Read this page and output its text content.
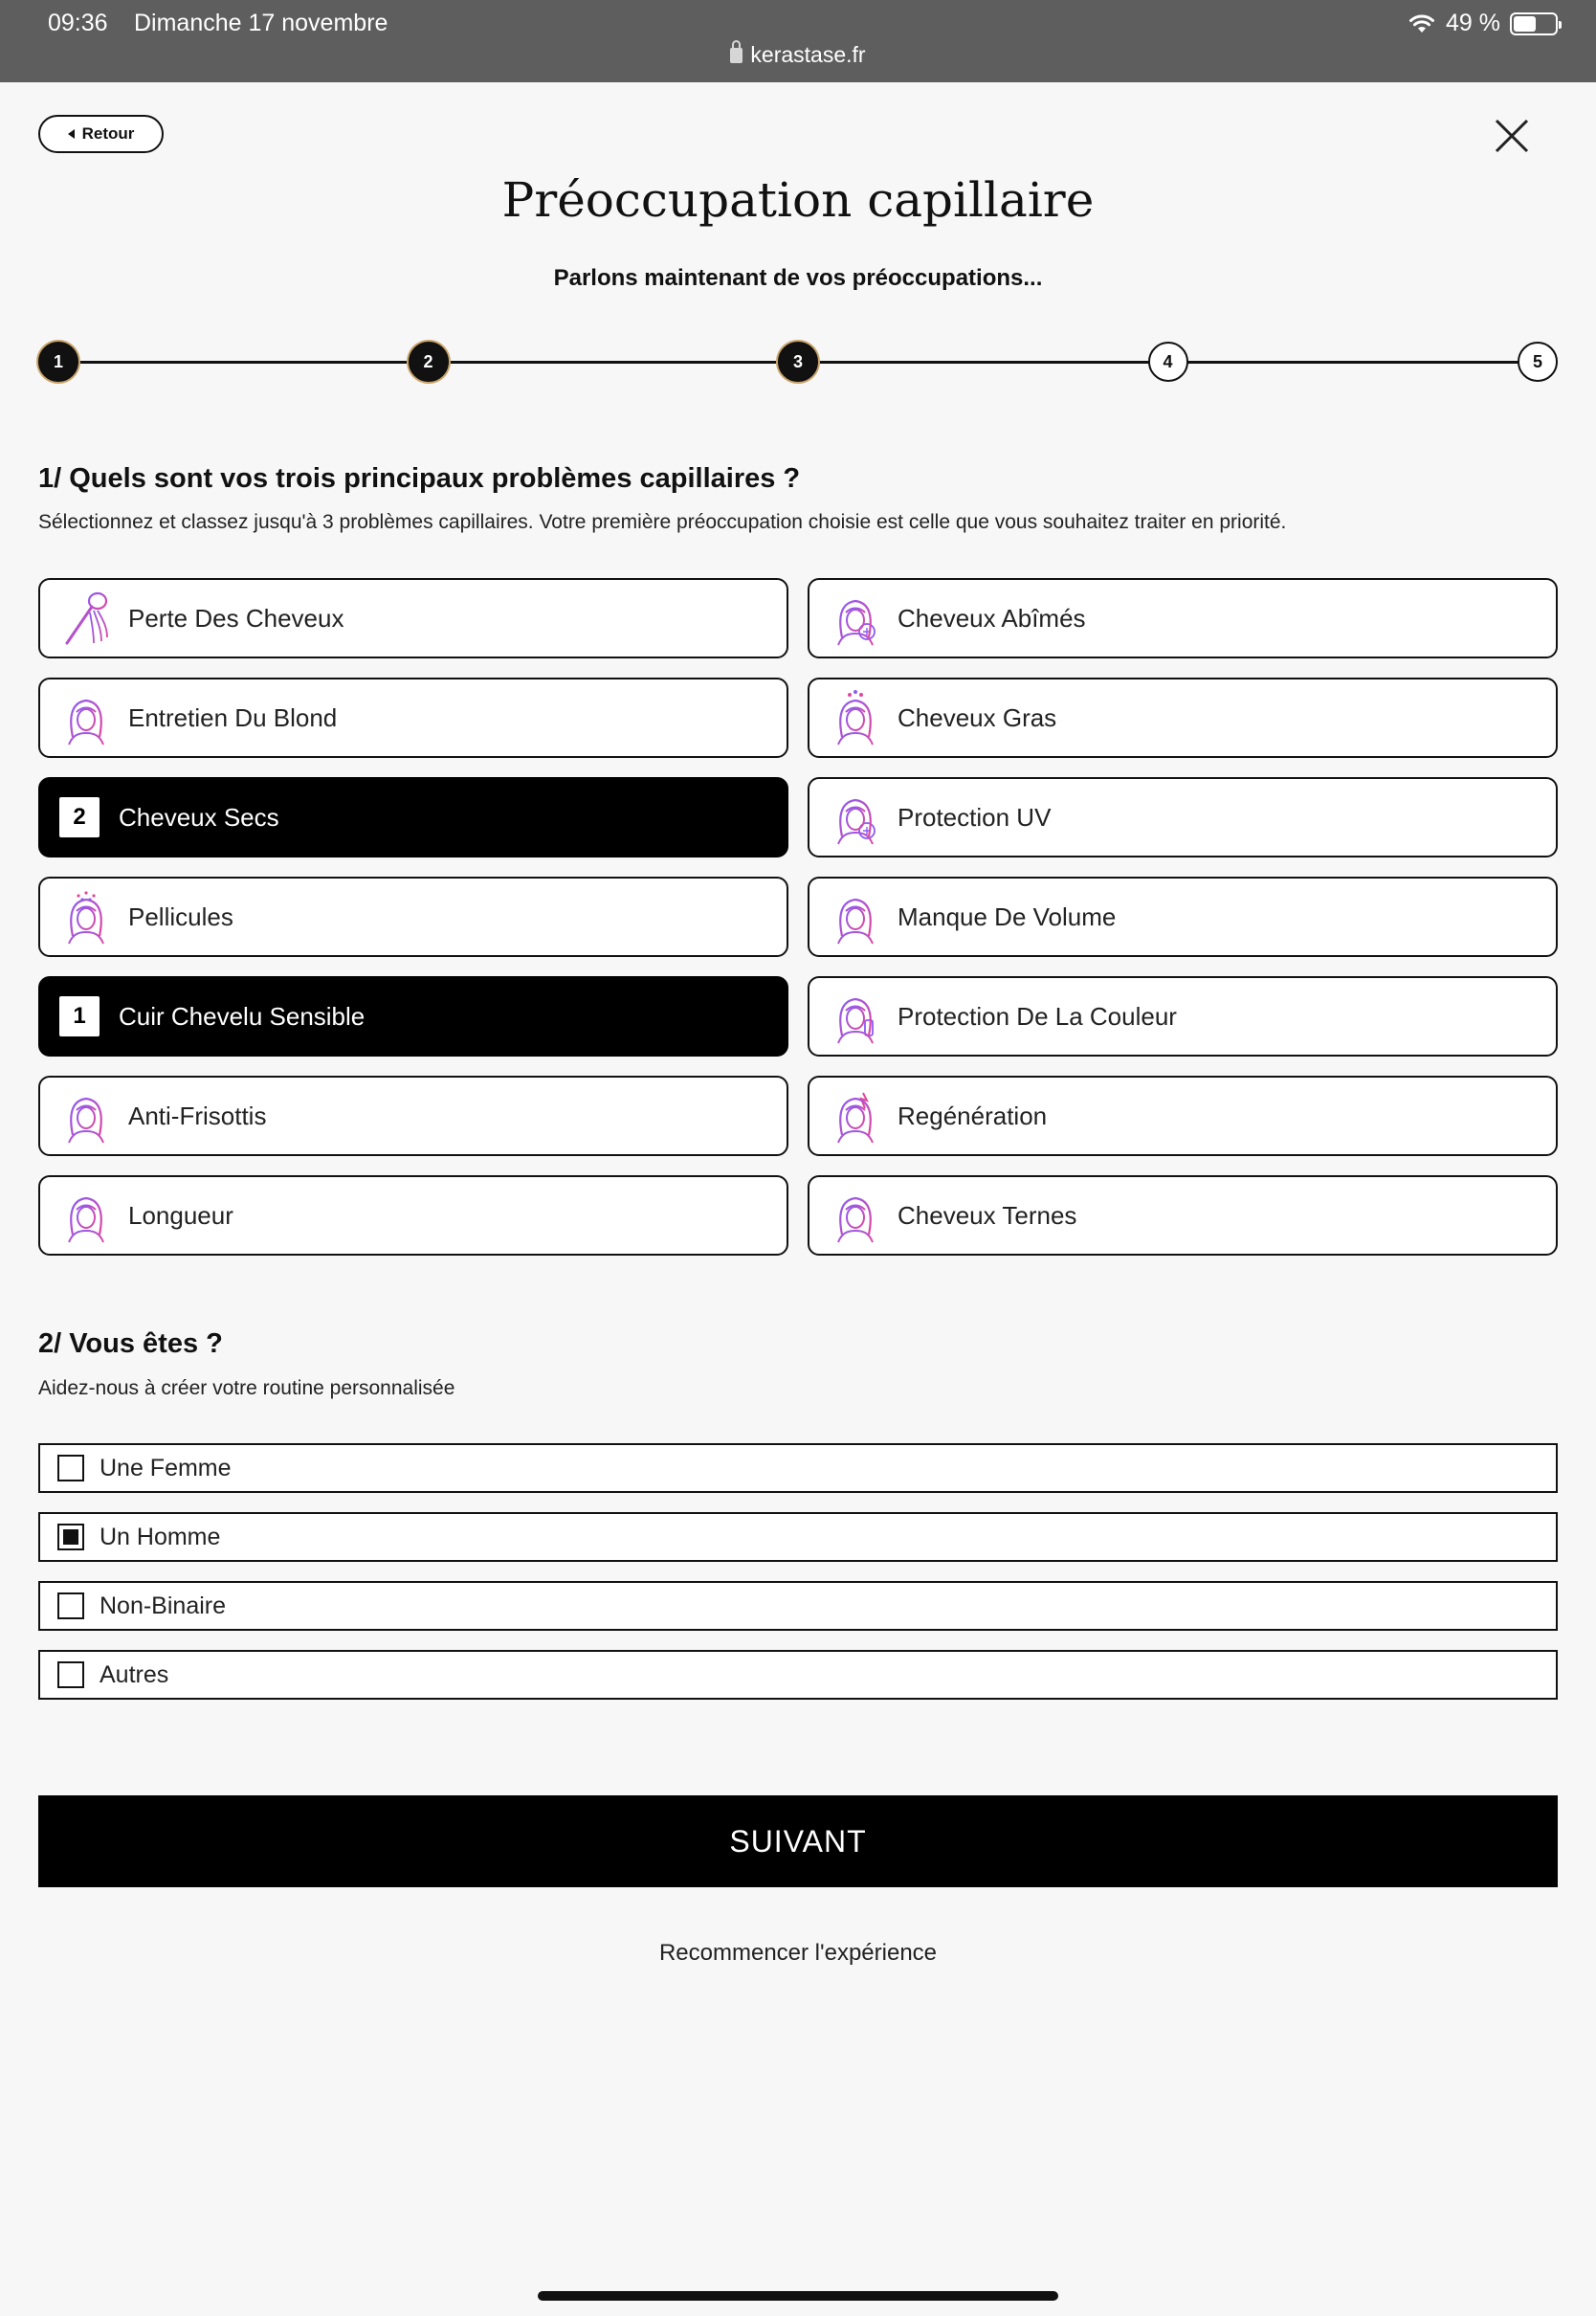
09:36 Dimanche 17 novembre
kerastase.fr
49 %
Retour
Préoccupation capillaire
Parlons maintenant de vos préoccupations...
1	2	3	4	5
1/ Quels sont vos trois principaux problèmes capillaires ?
Sélectionnez et classez jusqu'à 3 problèmes capillaires. Votre première préoccupation choisie est celle que vous souhaitez traiter en priorité.
Perte Des Cheveux	Cheveux Abîmés
Entretien Du Blond	Cheveux Gras
2	Cheveux Secs	Protection UV
Pellicules	Manque De Volume
1	Cuir Chevelu Sensible	Protection De La Couleur
Anti-Frisottis	Regénération
Longueur	Cheveux Ternes
2/ Vous êtes ?
Aidez-nous à créer votre routine personnalisée
Une Femme
Un Homme
Non-Binaire
Autres
SUIVANT
Recommencer l'expérience
